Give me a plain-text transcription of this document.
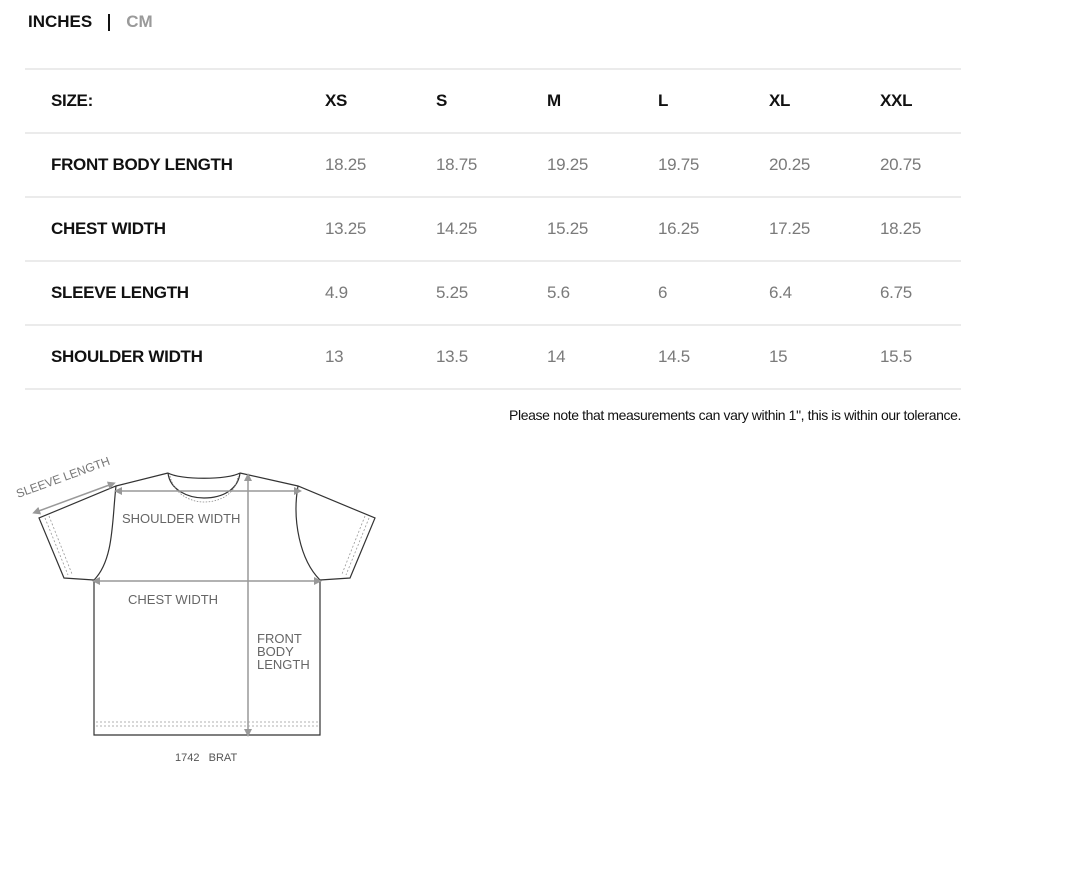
INCHES CM
SIZE:	XS	S	M	L	XL	XXL
FRONT BODY LENGTH	18.25	18.75	19.25	19.75	20.25	20.75
CHEST WIDTH	13.25	14.25	15.25	16.25	17.25	18.25
SLEEVE LENGTH	4.9	5.25	5.6	6	6.4	6.75
SHOULDER WIDTH	13	13.5	14	14.5	15	15.5
Please note that measurements can vary within 1", this is within our tolerance.
SLEEVE LENGTH
SHOULDER WIDTH
CHEST WIDTH
FRONT
BODY
LENGTH
1742   BRAT
